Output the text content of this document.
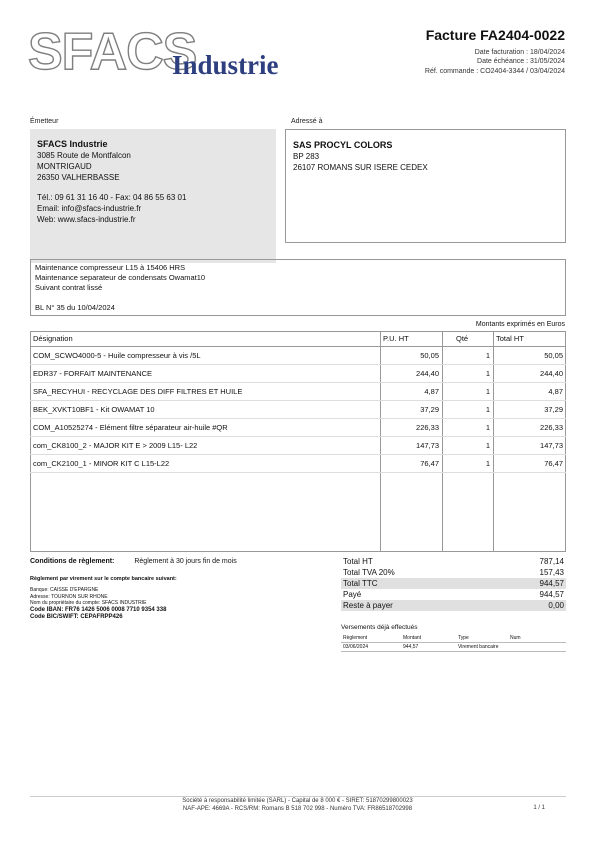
SFACS
Industrie
Facture FA2404-0022
Date facturation : 18/04/2024
Date échéance : 31/05/2024
Réf. commande : CO2404-3344 / 03/04/2024
Émetteur
SFACS Industrie
3085 Route de Montfalcon
MONTRIGAUD
26350 VALHERBASSE
Tél.: 09 61 31 16 40 - Fax: 04 86 55 63 01
Email: info@sfacs-industrie.fr
Web: www.sfacs-industrie.fr
Adressé à
SAS PROCYL COLORS
BP 283
26107 ROMANS SUR ISERE CEDEX
Maintenance compresseur L15 à 15406 HRS
Maintenance separateur de condensats Owamat10
Suivant contrat lissé
BL N° 35 du 10/04/2024
Montants exprimés en Euros
Désignation	P.U. HT	Qté	Total HT
COM_SCWO4000-5 - Huile compresseur à vis /5L	50,05	1	50,05
EDR37 - FORFAIT MAINTENANCE	244,40	1	244,40
SFA_RECYHUI - RECYCLAGE DES DIFF FILTRES ET HUILE	4,87	1	4,87
BEK_XVKT10BF1 - Kit OWAMAT 10	37,29	1	37,29
COM_A10525274 - Elément filtre séparateur air-huile #QR	226,33	1	226,33
com_CK8100_2 - MAJOR KIT E > 2009 L15- L22	147,73	1	147,73
com_CK2100_1 - MINOR KIT C L15-L22	76,47	1	76,47
Conditions de règlement:	Règlement à 30 jours fin de mois
Règlement par virement sur le compte bancaire suivant:
Banque: CAISSE D'EPARGNE
Adresse: TOURNON SUR RHONE
Nom du propriétaire du compte: SFACS INDUSTRIE
Code IBAN: FR76 1426 5006 0008 7710 9354 338
Code BIC/SWIFT: CEPAFRPP426
Total HT	787,14
Total TVA 20%	157,43
Total TTC	944,57
Payé	944,57
Reste à payer	0,00
Versements déjà effectués
Règlement	Montant	Type	Num
03/06/2024	944,57	Virement bancaire	
Société à responsabilité limitée (SARL) - Capital de 8 000 € - SIRET: 51870299800023
NAF-APE: 4669A - RCS/RM: Romans B 518 702 998 - Numéro TVA: FR86518702998	1 / 1
